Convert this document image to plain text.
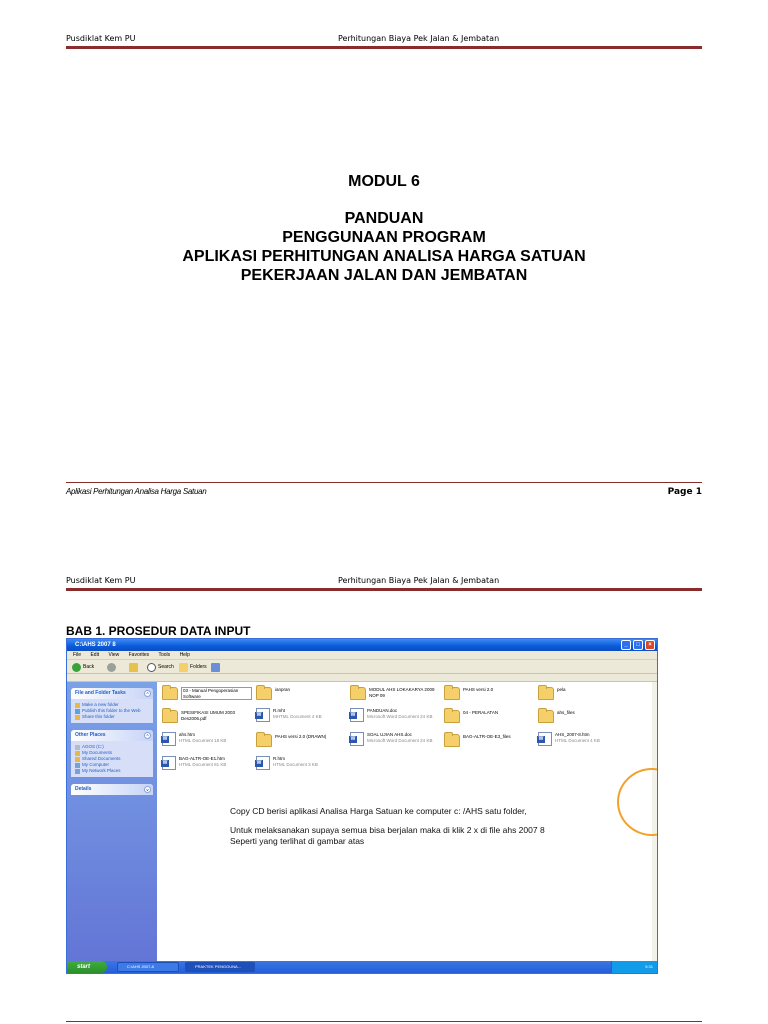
Pusdiklat Kem PU	Perhitungan Biaya Pek Jalan & Jembatan
MODUL 6
PANDUAN
PENGGUNAAN PROGRAM
APLIKASI PERHITUNGAN ANALISA HARGA SATUAN
PEKERJAAN JALAN DAN JEMBATAN
Aplikasi Perhitungan Analisa Harga Satuan	Page 1
Pusdiklat Kem PU	Perhitungan Biaya Pek Jalan & Jembatan
BAB 1. PROSEDUR DATA INPUT
C:\AHS 2007 8	_	□	×
File Edit View Favorites Tools Help
Back	Search	Folders
File and Folder Tasks	^
Make a new folder
Publish this folder to the Web
Share this folder
Other Places	^
AGOS (C:)
My Documents
Shared Documents
My Computer
My Network Places
Details	v
03 - Manual Pengoperasian Software
ianpran	MODUL AHS LOKAKARYA 2009 NOP 09
PAHS versi 2.0	pela
SPESIFIKASI UMUM 2003 Des2006.pdf
W
R.mht
MHTML Document 4 KB
W
PANDUAN.doc
Microsoft Word Document 24 KB
04 - PERALATAN	ahs_files
W
ahs.htm
HTML Document 18 KB
PAHS versi 2.0 (DRAWN) W	SOAL UJIAN AHS.doc
Microsoft Word Document 24 KB
BAG-ALTR-OE-E3_files W	AHS_2007-8.htm
HTML Document 4 KB
W
BAG-ALTR-OE-E1.htm
HTML Document 81 KB
W
R.htm
HTML Document 3 KB

Copy CD berisi aplikasi Analisa Harga Satuan ke computer c: /AHS satu folder,

Untuk melaksanakan supaya semua bisa berjalan maka di klik 2 x di file ahs 2007 8
Seperti yang terlihat di gambar atas
start	C:\AHS 2007-8	PRAKTEK PENGGUNA...	5:31
